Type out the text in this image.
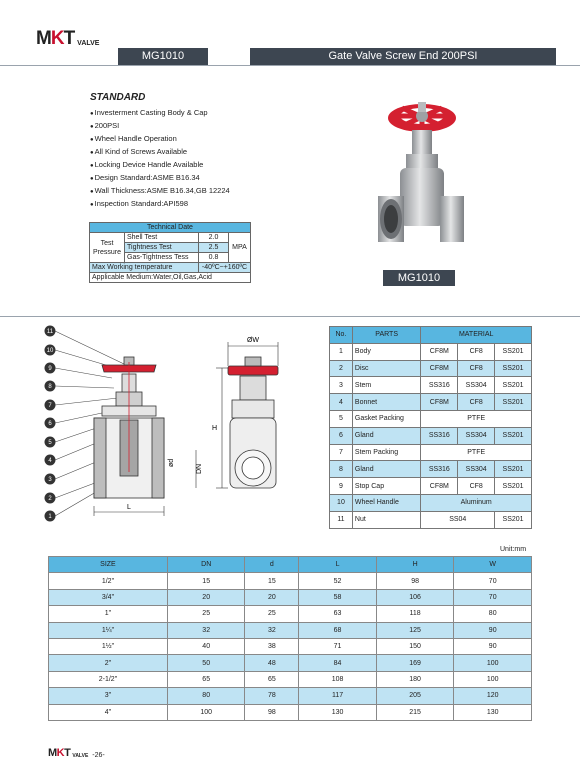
MKT VALVE
MG1010	Gate Valve Screw End 200PSI
STANDARD
● Investerment Casting Body & Cap
● 200PSI
● Wheel Handle Operation
● All Kind of Screws Available
● Locking Device Handle Available
● Design Standard:ASME B16.34
● Wall Thickness:ASME B16.34,GB 12224
● Inspection Standard:API598
Technical Date			
Test Pressure	Shell Test	2.0	MPA
	Tightness Test	2.5	
	Gas-Tightness Tess	0.8	
Max Working temperature		-40ºC~+160ºC	
Applicable Medium:Water,Oil,Gas,Acid				MG1010
11
10
9
8
7
6
5
4
3
2
1
L
ød
ØW
H
DN
No.	PARTS	MATERIAL		
1	Body	CF8M	CF8	SS201
2	Disc	CF8M	CF8	SS201
3	Stem	SS316	SS304	SS201
4	Bonnet	CF8M	CF8	SS201
5	Gasket Packing	PTFE		
6	Gland	SS316	SS304	SS201
7	Stem Packing	PTFE		
8	Gland	SS316	SS304	SS201
9	Stop Cap	CF8M	CF8	SS201
10	Wheel Handle	Aluminum		
11	Nut	SS04		SS201
Unit:mm
SIZE	DN	d	L	H	W
1/2"	15	15	52	98	70
3/4"	20	20	58	106	70
1"	25	25	63	118	80
1¼"	32	32	68	125	90
1½"	40	38	71	150	90
2"	50	48	84	169	100
2-1/2"	65	65	108	180	100
3"	80	78	117	205	120
4"	100	98	130	215	130
MKT VALVE -26-
